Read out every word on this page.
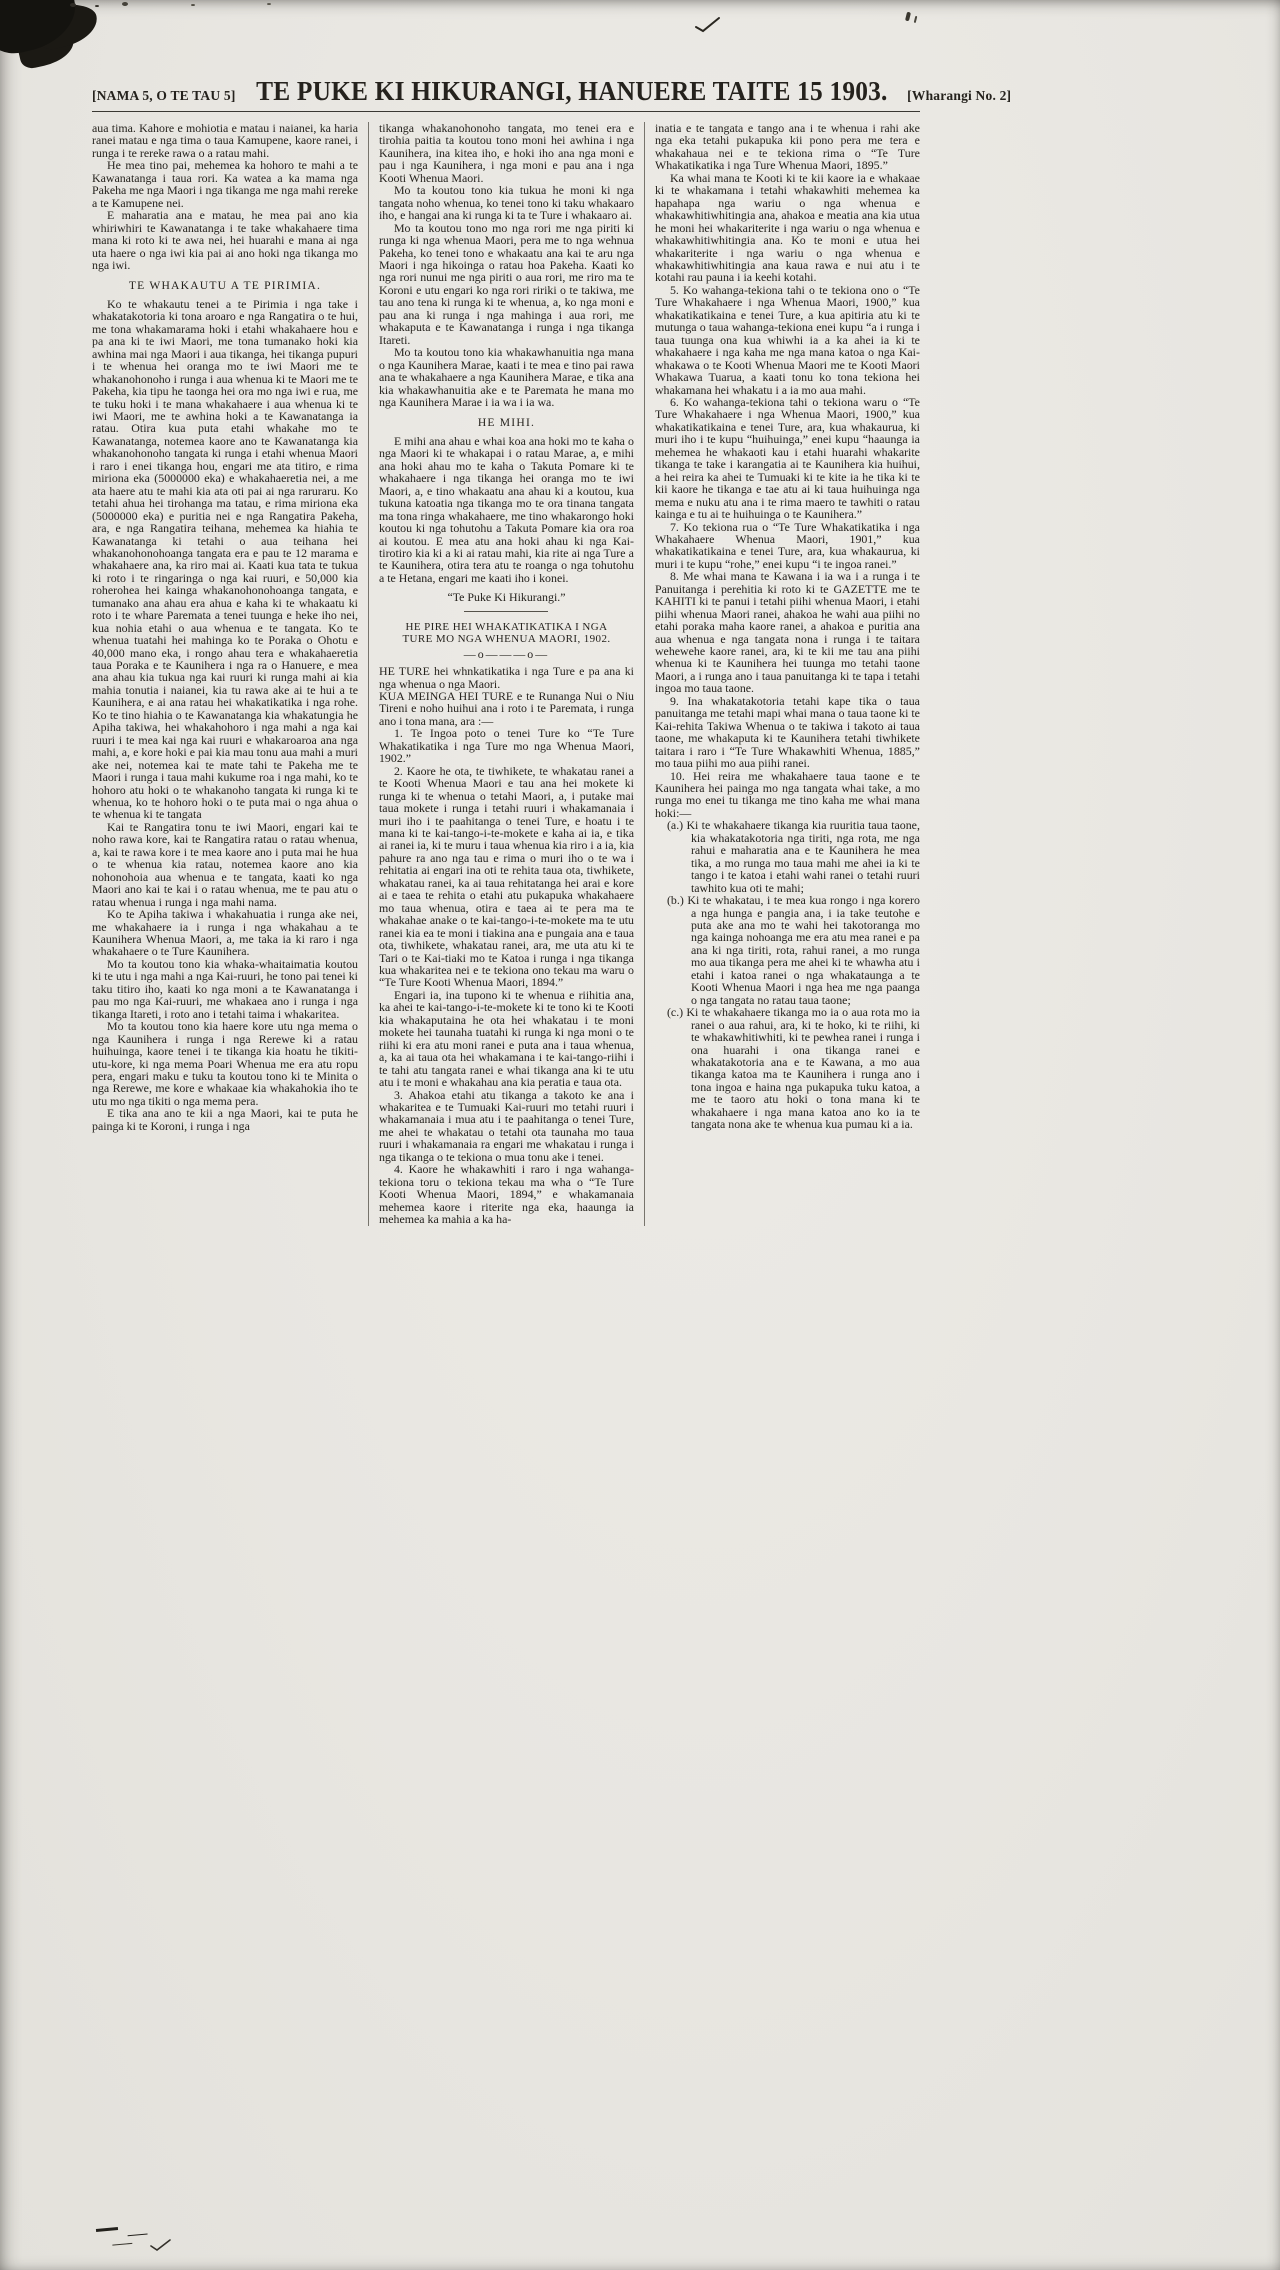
[NAMA 5, O TE TAU 5] TE PUKE KI HIKURANGI, HANUERE TAITE 15 1903. [Wharangi No. 2]
aua tima. Kahore e mohiotia e matau i naianei, ka haria ranei matau e nga tima o taua Kamupene, kaore ranei, i runga i te rereke rawa o a ratau mahi.
He mea tino pai, mehemea ka hohoro te mahi a te Kawanatanga i taua rori. Ka watea a ka mama nga Pakeha me nga Maori i nga tikanga me nga mahi rereke a te Kamupene nei.
E maharatia ana e matau, he mea pai ano kia whiriwhiri te Kawanatanga i te take whakahaere tima mana ki roto ki te awa nei, hei huarahi e mana ai nga uta haere o nga iwi kia pai ai ano hoki nga tikanga mo nga iwi.
TE WHAKAUTU A TE PIRIMIA.
Ko te whakautu tenei a te Pirimia i nga take i whakatakotoria ki tona aroaro e nga Rangatira o te hui, me tona whakamarama hoki i etahi whakahaere hou e pa ana ki te iwi Maori, me tona tumanako hoki kia awhina mai nga Maori i aua tikanga, hei tikanga pupuri i te whenua hei oranga mo te iwi Maori me te whakanohonoho i runga i aua whenua ki te Maori me te Pakeha, kia tipu he taonga hei ora mo nga iwi e rua, me te tuku hoki i te mana whakahaere i aua whenua ki te iwi Maori, me te awhina hoki a te Kawanatanga ia ratau. Otira kua puta etahi whakahe mo te Kawanatanga, notemea kaore ano te Kawanatanga kia whakanohonoho tangata ki runga i etahi whenua Maori i raro i enei tikanga hou, engari me ata titiro, e rima miriona eka (5000000 eka) e whakahaeretia nei, a me ata haere atu te mahi kia ata oti pai ai nga raruraru. Ko tetahi ahua hei tirohanga ma tatau, e rima miriona eka (5000000 eka) e puritia nei e nga Rangatira Pakeha, ara, e nga Rangatira teihana, mehemea ka hiahia te Kawanatanga ki tetahi o aua teihana hei whakanohonohoanga tangata era e pau te 12 marama e whakahaere ana, ka riro mai ai. Kaati kua tata te tukua ki roto i te ringaringa o nga kai ruuri, e 50,000 kia roherohea hei kainga whakanohonohoanga tangata, e tumanako ana ahau era ahua e kaha ki te whakaatu ki roto i te whare Paremata a tenei tuunga e heke iho nei, kua nohia etahi o aua whenua e te tangata. Ko te whenua tuatahi hei mahinga ko te Poraka o Ohotu e 40,000 mano eka, i rongo ahau tera e whakahaeretia taua Poraka e te Kaunihera i nga ra o Hanuere, e mea ana ahau kia tukua nga kai ruuri ki runga mahi ai kia mahia tonutia i naianei, kia tu rawa ake ai te hui a te Kaunihera, e ai ana ratau hei whakatikatika i nga rohe. Ko te tino hiahia o te Kawanatanga kia whakatungia he Apiha takiwa, hei whakahohoro i nga mahi a nga kai ruuri i te mea kai nga kai ruuri e whakaroaroa ana nga mahi, a, e kore hoki e pai kia mau tonu aua mahi a muri ake nei, notemea kai te mate tahi te Pakeha me te Maori i runga i taua mahi kukume roa i nga mahi, ko te hohoro atu hoki o te whakanoho tangata ki runga ki te whenua, ko te hohoro hoki o te puta mai o nga ahua o te whenua ki te tangata
Kai te Rangatira tonu te iwi Maori, engari kai te noho rawa kore, kai te Rangatira ratau o ratau whenua, a, kai te rawa kore i te mea kaore ano i puta mai he hua o te whenua kia ratau, notemea kaore ano kia nohonohoia aua whenua e te tangata, kaati ko nga Maori ano kai te kai i o ratau whenua, me te pau atu o ratau whenua i runga i nga mahi nama.
Ko te Apiha takiwa i whakahuatia i runga ake nei, me whakahaere ia i runga i nga whakahau a te Kaunihera Whenua Maori, a, me taka ia ki raro i nga whakahaere o te Ture Kaunihera.
Mo ta koutou tono kia whaka-whaitaimatia koutou ki te utu i nga mahi a nga Kai-ruuri, he tono pai tenei ki taku titiro iho, kaati ko nga moni a te Kawanatanga i pau mo nga Kai-ruuri, me whakaea ano i runga i nga tikanga Itareti, i roto ano i tetahi taima i whakaritea.
Mo ta koutou tono kia haere kore utu nga mema o nga Kaunihera i runga i nga Rerewe ki a ratau huihuinga, kaore tenei i te tikanga kia hoatu he tikiti-utu-kore, ki nga mema Poari Whenua me era atu ropu pera, engari maku e tuku ta koutou tono ki te Minita o nga Rerewe, me kore e whakaae kia whakahokia iho te utu mo nga tikiti o nga mema pera.
E tika ana ano te kii a nga Maori, kai te puta he painga ki te Koroni, i runga i nga
tikanga whakanohonoho tangata, mo tenei era e tirohia paitia ta koutou tono moni hei awhina i nga Kaunihera, ina kitea iho, e hoki iho ana nga moni e pau i nga Kaunihera, i nga moni e pau ana i nga Kooti Whenua Maori.
Mo ta koutou tono kia tukua he moni ki nga tangata noho whenua, ko tenei tono ki taku whakaaro iho, e hangai ana ki runga ki ta te Ture i whakaaro ai.
Mo ta koutou tono mo nga rori me nga piriti ki runga ki nga whenua Maori, pera me to nga wehnua Pakeha, ko tenei tono e whakaatu ana kai te aru nga Maori i nga hikoinga o ratau hoa Pakeha. Kaati ko nga rori nunui me nga piriti o aua rori, me riro ma te Koroni e utu engari ko nga rori ririki o te takiwa, me tau ano tena ki runga ki te whenua, a, ko nga moni e pau ana ki runga i nga mahinga i aua rori, me whakaputa e te Kawanatanga i runga i nga tikanga Itareti.
Mo ta koutou tono kia whakawhanuitia nga mana o nga Kaunihera Marae, kaati i te mea e tino pai rawa ana te whakahaere a nga Kaunihera Marae, e tika ana kia whakawhanuitia ake e te Paremata he mana mo nga Kaunihera Marae i ia wa i ia wa.
HE MIHI.
E mihi ana ahau e whai koa ana hoki mo te kaha o nga Maori ki te whakapai i o ratau Marae, a, e mihi ana hoki ahau mo te kaha o Takuta Pomare ki te whakahaere i nga tikanga hei oranga mo te iwi Maori, a, e tino whakaatu ana ahau ki a koutou, kua tukuna katoatia nga tikanga mo te ora tinana tangata ma tona ringa whakahaere, me tino whakarongo hoki koutou ki nga tohutohu a Takuta Pomare kia ora roa ai koutou. E mea atu ana hoki ahau ki nga Kai-tirotiro kia ki a ki ai ratau mahi, kia rite ai nga Ture a te Kaunihera, otira tera atu te roanga o nga tohutohu a te Hetana, engari me kaati iho i konei.
“Te Puke Ki Hikurangi.”
HE PIRE HEI WHAKATIKATIKA I NGA TURE MO NGA WHENUA MAORI, 1902.
—o———o—
HE TURE hei whnkatikatika i nga Ture e pa ana ki nga whenua o nga Maori.
KUA MEINGA HEI TURE e te Runanga Nui o Niu Tireni e noho huihui ana i roto i te Paremata, i runga ano i tona mana, ara :—
1. Te Ingoa poto o tenei Ture ko “Te Ture Whakatikatika i nga Ture mo nga Whenua Maori, 1902.”
2. Kaore he ota, te tiwhikete, te whakatau ranei a te Kooti Whenua Maori e tau ana hei mokete ki runga ki te whenua o tetahi Maori, a, i putake mai taua mokete i runga i tetahi ruuri i whakamanaia i muri iho i te paahitanga o tenei Ture, e hoatu i te mana ki te kai-tango-i-te-mokete e kaha ai ia, e tika ai ranei ia, ki te muru i taua whenua kia riro i a ia, kia pahure ra ano nga tau e rima o muri iho o te wa i rehitatia ai engari ina oti te rehita taua ota, tiwhikete, whakatau ranei, ka ai taua rehitatanga hei arai e kore ai e taea te rehita o etahi atu pukapuka whakahaere mo taua whenua, otira e taea ai te pera ma te whakahae anake o te kai-tango-i-te-mokete ma te utu ranei kia ea te moni i tiakina ana e pungaia ana e taua ota, tiwhikete, whakatau ranei, ara, me uta atu ki te Tari o te Kai-tiaki mo te Katoa i runga i nga tikanga kua whakaritea nei e te tekiona ono tekau ma waru o “Te Ture Kooti Whenua Maori, 1894.”
Engari ia, ina tupono ki te whenua e riihitia ana, ka ahei te kai-tango-i-te-mokete ki te tono ki te Kooti kia whakaputaina he ota hei whakatau i te moni mokete hei taunaha tuatahi ki runga ki nga moni o te riihi ki era atu moni ranei e puta ana i taua whenua, a, ka ai taua ota hei whakamana i te kai-tango-riihi i te tahi atu tangata ranei e whai tikanga ana ki te utu atu i te moni e whakahau ana kia peratia e taua ota.
3. Ahakoa etahi atu tikanga a takoto ke ana i whakaritea e te Tumuaki Kai-ruuri mo tetahi ruuri i whakamanaia i mua atu i te paahitanga o tenei Ture, me ahei te whakatau o tetahi ota taunaha mo taua ruuri i whakamanaia ra engari me whakatau i runga i nga tikanga o te tekiona o mua tonu ake i tenei.
4. Kaore he whakawhiti i raro i nga wahanga-tekiona toru o tekiona tekau ma wha o “Te Ture Kooti Whenua Maori, 1894,” e whakamanaia mehemea kaore i riterite nga eka, haaunga ia mehemea ka mahia a ka ha-
inatia e te tangata e tango ana i te whenua i rahi ake nga eka tetahi pukapuka kii pono pera me tera e whakahaua nei e te tekiona rima o “Te Ture Whakatikatika i nga Ture Whenua Maori, 1895.”
Ka whai mana te Kooti ki te kii kaore ia e whakaae ki te whakamana i tetahi whakawhiti mehemea ka hapahapa nga wariu o nga whenua e whakawhitiwhitingia ana, ahakoa e meatia ana kia utua he moni hei whakariterite i nga wariu o nga whenua e whakawhitiwhitingia ana. Ko te moni e utua hei whakariterite i nga wariu o nga whenua e whakawhitiwhitingia ana kaua rawa e nui atu i te kotahi rau pauna i ia keehi kotahi.
5. Ko wahanga-tekiona tahi o te tekiona ono o “Te Ture Whakahaere i nga Whenua Maori, 1900,” kua whakatikatikaina e tenei Ture, a kua apitiria atu ki te mutunga o taua wahanga-tekiona enei kupu “a i runga i taua tuunga ona kua whiwhi ia a ka ahei ia ki te whakahaere i nga kaha me nga mana katoa o nga Kai-whakawa o te Kooti Whenua Maori me te Kooti Maori Whakawa Tuarua, a kaati tonu ko tona tekiona hei whakamana hei whakatu i a ia mo aua mahi.
6. Ko wahanga-tekiona tahi o tekiona waru o “Te Ture Whakahaere i nga Whenua Maori, 1900,” kua whakatikatikaina e tenei Ture, ara, kua whakaurua, ki muri iho i te kupu “huihuinga,” enei kupu “haaunga ia mehemea he whakaoti kau i etahi huarahi whakarite tikanga te take i karangatia ai te Kaunihera kia huihui, a hei reira ka ahei te Tumuaki ki te kite ia he tika ki te kii kaore he tikanga e tae atu ai ki taua huihuinga nga mema e nuku atu ana i te rima maero te tawhiti o ratau kainga e tu ai te huihuinga o te Kaunihera.”
7. Ko tekiona rua o “Te Ture Whakatikatika i nga Whakahaere Whenua Maori, 1901,” kua whakatikatikaina e tenei Ture, ara, kua whakaurua, ki muri i te kupu “rohe,” enei kupu “i te ingoa ranei.”
8. Me whai mana te Kawana i ia wa i a runga i te Panuitanga i perehitia ki roto ki te GAZETTE me te KAHITI ki te panui i tetahi piihi whenua Maori, i etahi piihi whenua Maori ranei, ahakoa he wahi aua piihi no etahi poraka maha kaore ranei, a ahakoa e puritia ana aua whenua e nga tangata nona i runga i te taitara wehewehe kaore ranei, ara, ki te kii me tau ana piihi whenua ki te Kaunihera hei tuunga mo tetahi taone Maori, a i runga ano i taua panuitanga ki te tapa i tetahi ingoa mo taua taone.
9. Ina whakatakotoria tetahi kape tika o taua panuitanga me tetahi mapi whai mana o taua taone ki te Kai-rehita Takiwa Whenua o te takiwa i takoto ai taua taone, me whakaputa ki te Kaunihera tetahi tiwhikete taitara i raro i “Te Ture Whakawhiti Whenua, 1885,” mo taua piihi mo aua piihi ranei.
10. Hei reira me whakahaere taua taone e te Kaunihera hei painga mo nga tangata whai take, a mo runga mo enei tu tikanga me tino kaha me whai mana hoki:—
(a.) Ki te whakahaere tikanga kia ruuritia taua taone, kia whakatakotoria nga tiriti, nga rota, me nga rahui e maharatia ana e te Kaunihera he mea tika, a mo runga mo taua mahi me ahei ia ki te tango i te katoa i etahi wahi ranei o tetahi ruuri tawhito kua oti te mahi;
(b.) Ki te whakatau, i te mea kua rongo i nga korero a nga hunga e pangia ana, i ia take teutohe e puta ake ana mo te wahi hei takotoranga mo nga kainga nohoanga me era atu mea ranei e pa ana ki nga tiriti, rota, rahui ranei, a mo runga mo aua tikanga pera me ahei ki te whawha atu i etahi i katoa ranei o nga whakataunga a te Kooti Whenua Maori i nga hea me nga paanga o nga tangata no ratau taua taone;
(c.) Ki te whakahaere tikanga mo ia o aua rota mo ia ranei o aua rahui, ara, ki te hoko, ki te riihi, ki te whakawhitiwhiti, ki te pewhea ranei i runga i ona huarahi i ona tikanga ranei e whakatakotoria ana e te Kawana, a mo aua tikanga katoa ma te Kaunihera i runga ano i tona ingoa e haina nga pukapuka tuku katoa, a me te taoro atu hoki o tona mana ki te whakahaere i nga mana katoa ano ko ia te tangata nona ake te whenua kua pumau ki a ia.
